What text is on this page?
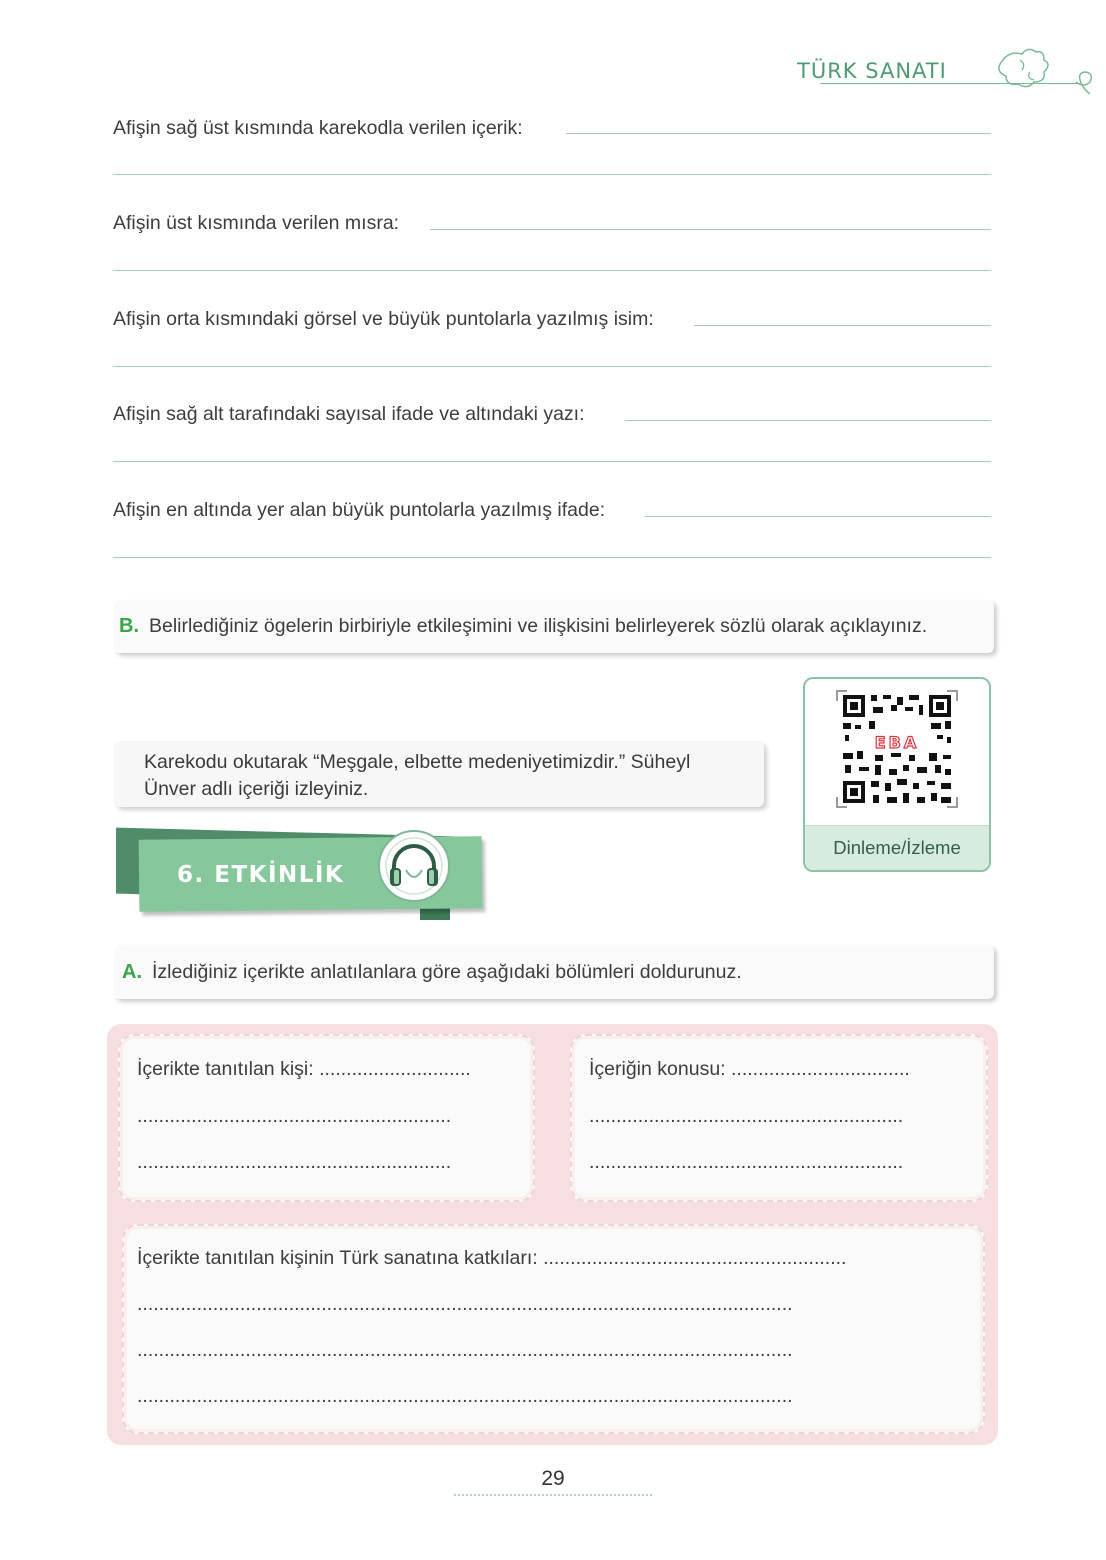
TÜRK SANATI
Afişin sağ üst kısmında karekodla verilen içerik:
Afişin üst kısmında verilen mısra:
Afişin orta kısmındaki görsel ve büyük puntolarla yazılmış isim:
Afişin sağ alt tarafındaki sayısal ifade ve altındaki yazı:
Afişin en altında yer alan büyük puntolarla yazılmış ifade:
B. Belirlediğiniz ögelerin birbiriyle etkileşimini ve ilişkisini belirleyerek sözlü olarak açıklayınız.
Karekodu okutarak “Meşgale, elbette medeniyetimizdir.” Süheyl Ünver adlı içeriği izleyiniz.
EBA
Dinleme/İzleme
6. ETKİNLİK
A. İzlediğiniz içerikte anlatılanlara göre aşağıdaki bölümleri doldurunuz.
İçerikte tanıtılan kişi: ............................
..........................................................
..........................................................
İçeriğin konusu: .................................
..........................................................
..........................................................
İçerikte tanıtılan kişinin Türk sanatına katkıları: ........................................................
.........................................................................................................................
.........................................................................................................................
.........................................................................................................................
29
